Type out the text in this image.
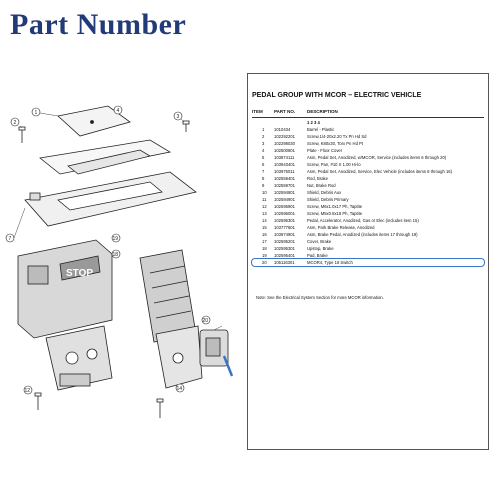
Part Number
STOP
1
2
3
4
7
18
19
20
14
12
PEDAL GROUP WITH MCOR – ELECTRIC VEHICLE
ITEM	PART NO.	DESCRIPTION
1 2 3 4
1 1010434	Barrel - Plastic
2 102292201	Screw,1/4-20x2.20 Tx Pn Hd Sd
3 102298030	Screw, K80x30, Torx Pn Hd Pt
4 102500801	Plate - Floor Cover
5 103874111	Asm, Pedal Set, Anodized, w/MCOR, Service (includes items 6 through 20)
6 103943401	Screw, Pan, #10 X 1.00 Hi-lo
7 103975011	Asm, Pedal Set, Anodized, Service, Elec Vehicle (includes items 8 through 16)
8 102559401	Rod, Brake
9 102559701	Nut, Brake Rod
10 102594801	Shield, Debris Aux
11 102594901	Shield, Debris Primary
12 102595901	Screw, M6x1.0x17 Ph, Taptite
13 102596001	Screw, M5x0.8x18 Ph, Taptite
14 102596301	Pedal, Accelerator, Anodized, Gas or Elec (includes item 15)
15 103777601	Asm, Park Brake Release, Anodized
16 103974901	Asm, Brake Pedal, Anodized (includes items 17 through 19)
17 102595201	Cover, Brake
18 102595301	Upstop, Brake
19 102595401	Pad, Brake
20 105116301	MCOR4, Type 16 Switch
Note: See the Electrical System Section for more MCOR information.
